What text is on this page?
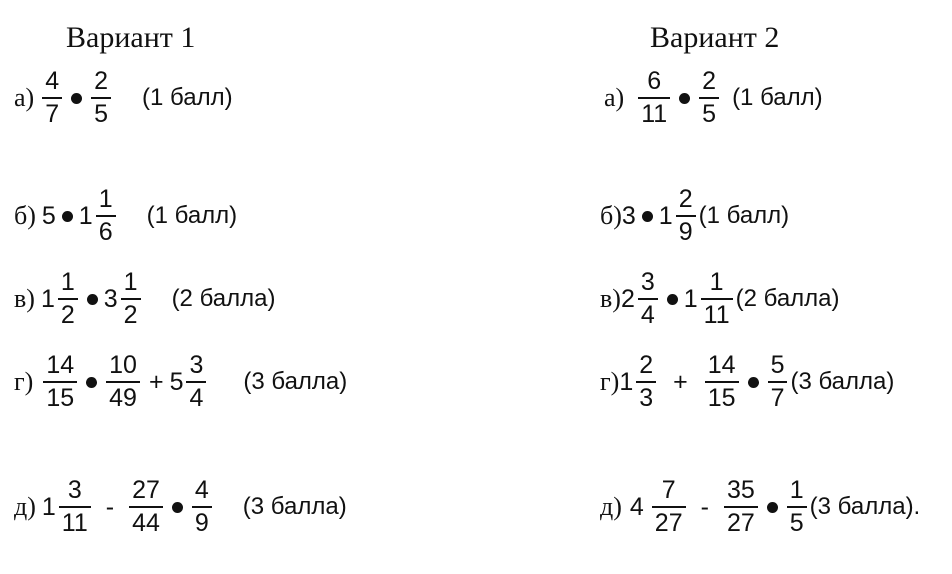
Вариант 1
$а) \frac{4}{7} \frac{2}{5} (1$ балл)
б) 5 $1 \frac{1}{6} (1$ балл)
в) $1 \frac{1}{2} 3 \frac{1}{2} (2$ балла)
$г) \frac{14}{15} \frac{10}{49} + 5 \frac{3}{4} (3$ балла)
д) $1 \frac{3}{11} - \frac{27}{44} \frac{4}{9} (3$ балла)
Вариант 2
$а) \frac{6}{11} \frac{2}{5} (1$ балл)
б) 3 $1 \frac{2}{9} (1$ балл)
в) $2 \frac{3}{4} 1 \frac{1}{11} (2$ балла)
г) $1 \frac{2}{3} + \frac{14}{15} \frac{5}{7} (3$ балла)
д) $4 \frac{7}{27} - \frac{35}{27} \frac{1}{5} (3$ балла).
